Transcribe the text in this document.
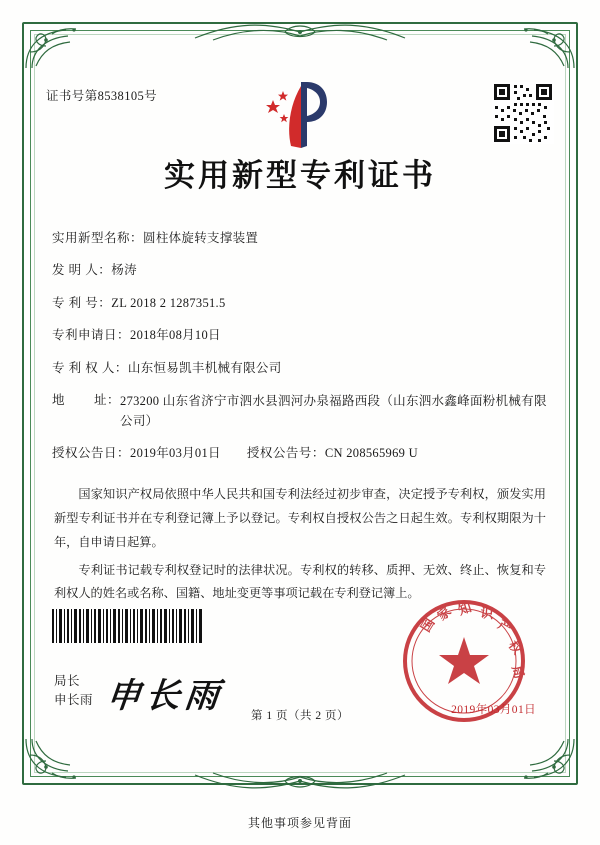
证书号第8538105号
实用新型专利证书
实用新型名称： 圆柱体旋转支撑装置
发 明 人： 杨涛
专 利 号： ZL 2018 2 1287351.5
专利申请日： 2018年08月10日
专 利 权 人： 山东恒易凯丰机械有限公司
地        址： 273200 山东省济宁市泗水县泗河办泉福路西段（山东泗水鑫峰面粉机械有限公司）
授权公告日： 2019年03月01日 授权公告号： CN 208565969 U

国家知识产权局依照中华人民共和国专利法经过初步审查，决定授予专利权，颁发实用新型专利证书并在专利登记簿上予以登记。专利权自授权公告之日起生效。专利权期限为十年，自申请日起算。

专利证书记载专利权登记时的法律状况。专利权的转移、质押、无效、终止、恢复和专利权人的姓名或名称、国籍、地址变更等事项记载在专利登记簿上。

局长
申长雨 申长雨
国
家 知 识
产
权
局
2019年03月01日
第 1 页（共 2 页）
其他事项参见背面
